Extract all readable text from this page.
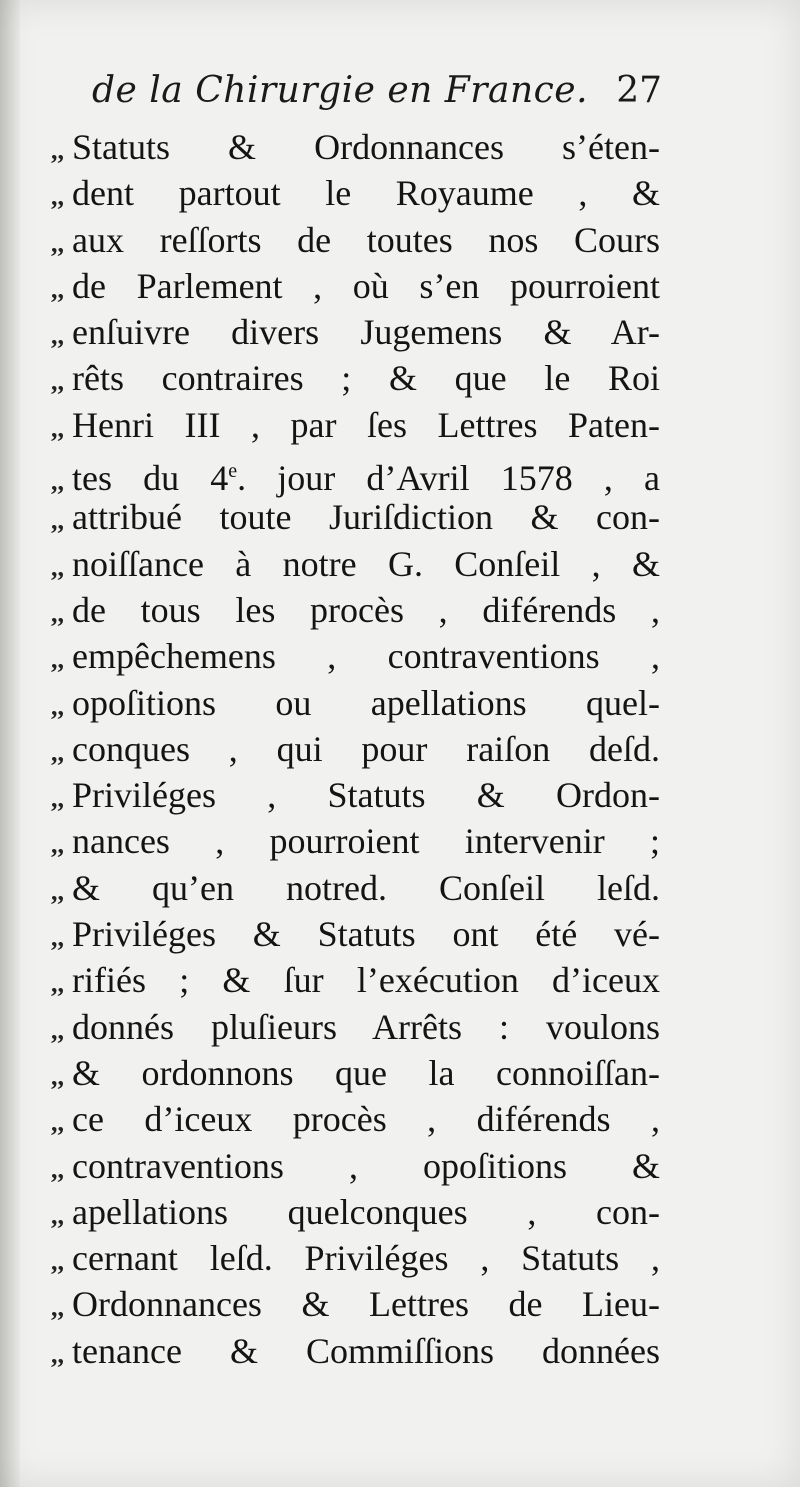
de la Chirurgie en France. 27
,, Statuts & Ordonnances s’éten-
,, dent partout le Royaume , &
,, aux reſſorts de toutes nos Cours
,, de Parlement , où s’en pourroient
,, enſuivre divers Jugemens & Ar-
,, rêts contraires ; & que le Roi
,, Henri III , par ſes Lettres Paten-
,, tes du 4e. jour d’Avril 1578 , a
,, attribué toute Juriſdiction & con-
,, noiſſance à notre G. Conſeil , &
,, de tous les procès , diférends ,
,, empêchemens , contraventions ,
,, opoſitions ou apellations quel-
,, conques , qui pour raiſon deſd.
,, Priviléges , Statuts & Ordon-
,, nances , pourroient intervenir ;
,, & qu’en notred. Conſeil leſd.
,, Priviléges & Statuts ont été vé-
,, rifiés ; & ſur l’exécution d’iceux
,, donnés pluſieurs Arrêts : voulons
,, & ordonnons que la connoiſſan-
,, ce d’iceux procès , diférends ,
,, contraventions , opoſitions &
,, apellations quelconques , con-
,, cernant leſd. Priviléges , Statuts ,
,, Ordonnances & Lettres de Lieu-
,, tenance & Commiſſions données
